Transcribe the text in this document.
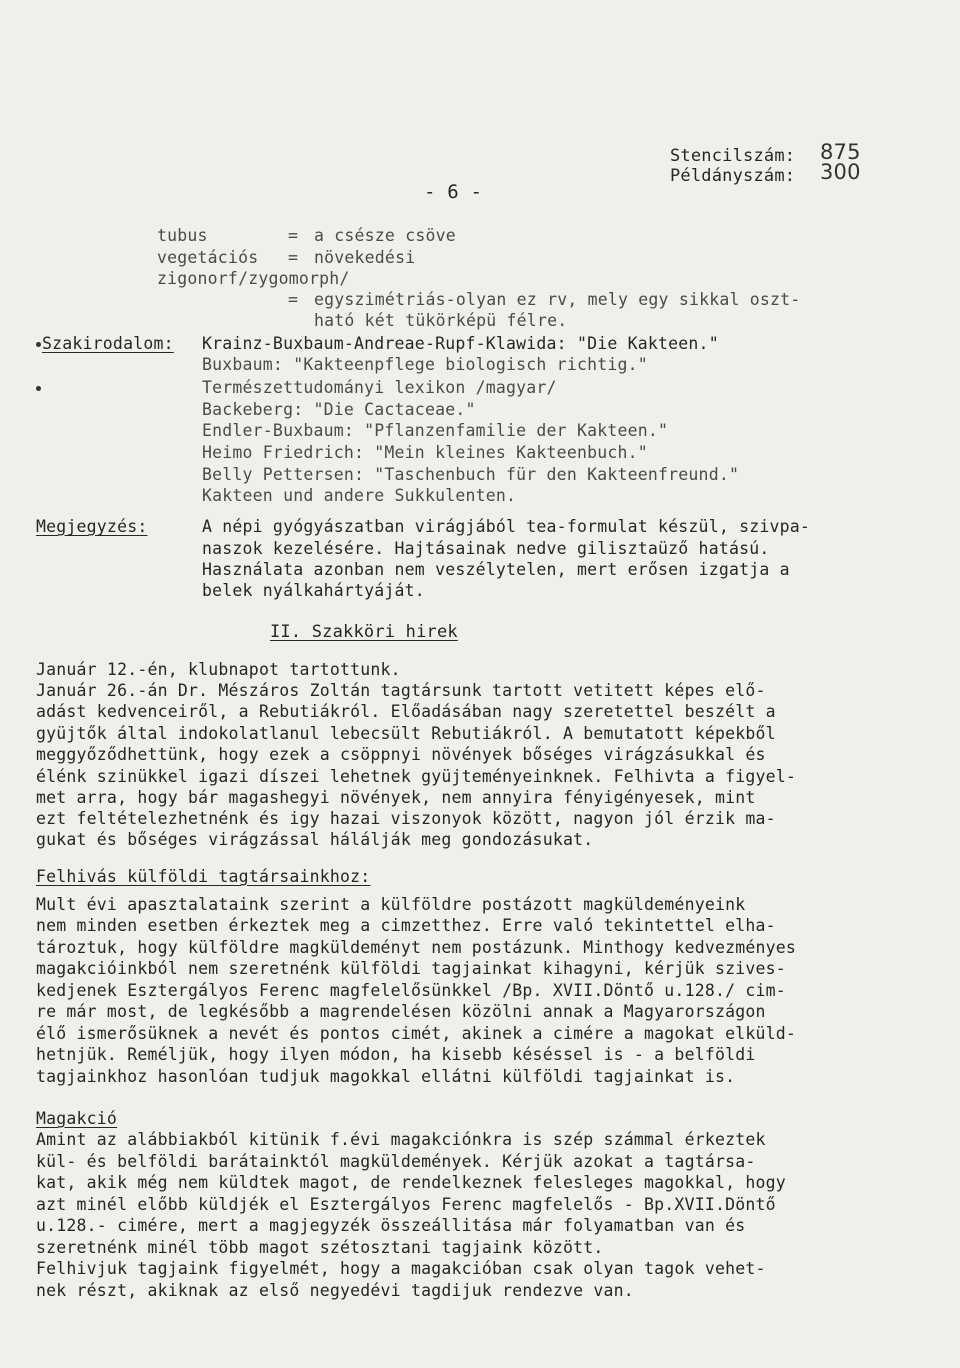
Stencilszám: 875
Példányszám: 300
- 6 -
tubus	= a csésze csöve
vegetációs = növekedési
zigonorf/zygomorph/
= egyszimétriás-olyan ez rv, mely egy sikkal oszt-
ható két tükörképü félre.
Szakirodalom: Krainz-Buxbaum-Andreae-Rupf-Klawida: "Die Kakteen."
Buxbaum: "Kakteenpflege biologisch richtig."
Természettudományi lexikon /magyar/
Backeberg: "Die Cactaceae."
Endler-Buxbaum: "Pflanzenfamilie der Kakteen."
Heimo Friedrich: "Mein kleines Kakteenbuch."
Belly Pettersen: "Taschenbuch für den Kakteenfreund."
Kakteen und andere Sukkulenten.
Megjegyzés:	A népi gyógyászatban virágjából tea-formulat készül, szivpa-
naszok kezelésére. Hajtásainak nedve gilisztaüző hatású.
Használata azonban nem veszélytelen, mert erősen izgatja a
belek nyálkahártyáját.
II. Szakköri hirek
Január 12.-én, klubnapot tartottunk.
Január 26.-án Dr. Mészáros Zoltán tagtársunk tartott vetitett képes elő-
adást kedvenceiről, a Rebutiákról. Előadásában nagy szeretettel beszélt a
gyüjtők által indokolatlanul lebecsült Rebutiákról. A bemutatott képekből
meggyőződhettünk, hogy ezek a csöppnyi növények bőséges virágzásukkal és
élénk szinükkel igazi díszei lehetnek gyüjteményeinknek. Felhivta a figyel-
met arra, hogy bár magashegyi növények, nem annyira fényigényesek, mint
ezt feltételezhetnénk és igy hazai viszonyok között, nagyon jól érzik ma-
gukat és bőséges virágzással hálálják meg gondozásukat.
Felhivás külföldi tagtársainkhoz:
Mult évi apasztalataink szerint a külföldre postázott magküldeményeink
nem minden esetben érkeztek meg a cimzetthez. Erre való tekintettel elha-
tároztuk, hogy külföldre magküldeményt nem postázunk. Minthogy kedvezményes
magakcióinkból nem szeretnénk külföldi tagjainkat kihagyni, kérjük szives-
kedjenek Esztergályos Ferenc magfelelősünkkel /Bp. XVII.Döntő u.128./ cim-
re már most, de legkésőbb a magrendelésen közölni annak a Magyarországon
élő ismerősüknek a nevét és pontos cimét, akinek a cimére a magokat elküld-
hetnjük. Reméljük, hogy ilyen módon, ha kisebb késéssel is - a belföldi
tagjainkhoz hasonlóan tudjuk magokkal ellátni külföldi tagjainkat is.
Magakció
Amint az alábbiakból kitünik f.évi magakciónkra is szép számmal érkeztek
kül- és belföldi barátainktól magküldemények. Kérjük azokat a tagtársa-
kat, akik még nem küldtek magot, de rendelkeznek felesleges magokkal, hogy
azt minél előbb küldjék el Esztergályos Ferenc magfelelős - Bp.XVII.Döntő
u.128.- cimére, mert a magjegyzék összeállitása már folyamatban van és
szeretnénk minél több magot szétosztani tagjaink között.
Felhivjuk tagjaink figyelmét, hogy a magakcióban csak olyan tagok vehet-
nek részt, akiknak az első negyedévi tagdijuk rendezve van.
